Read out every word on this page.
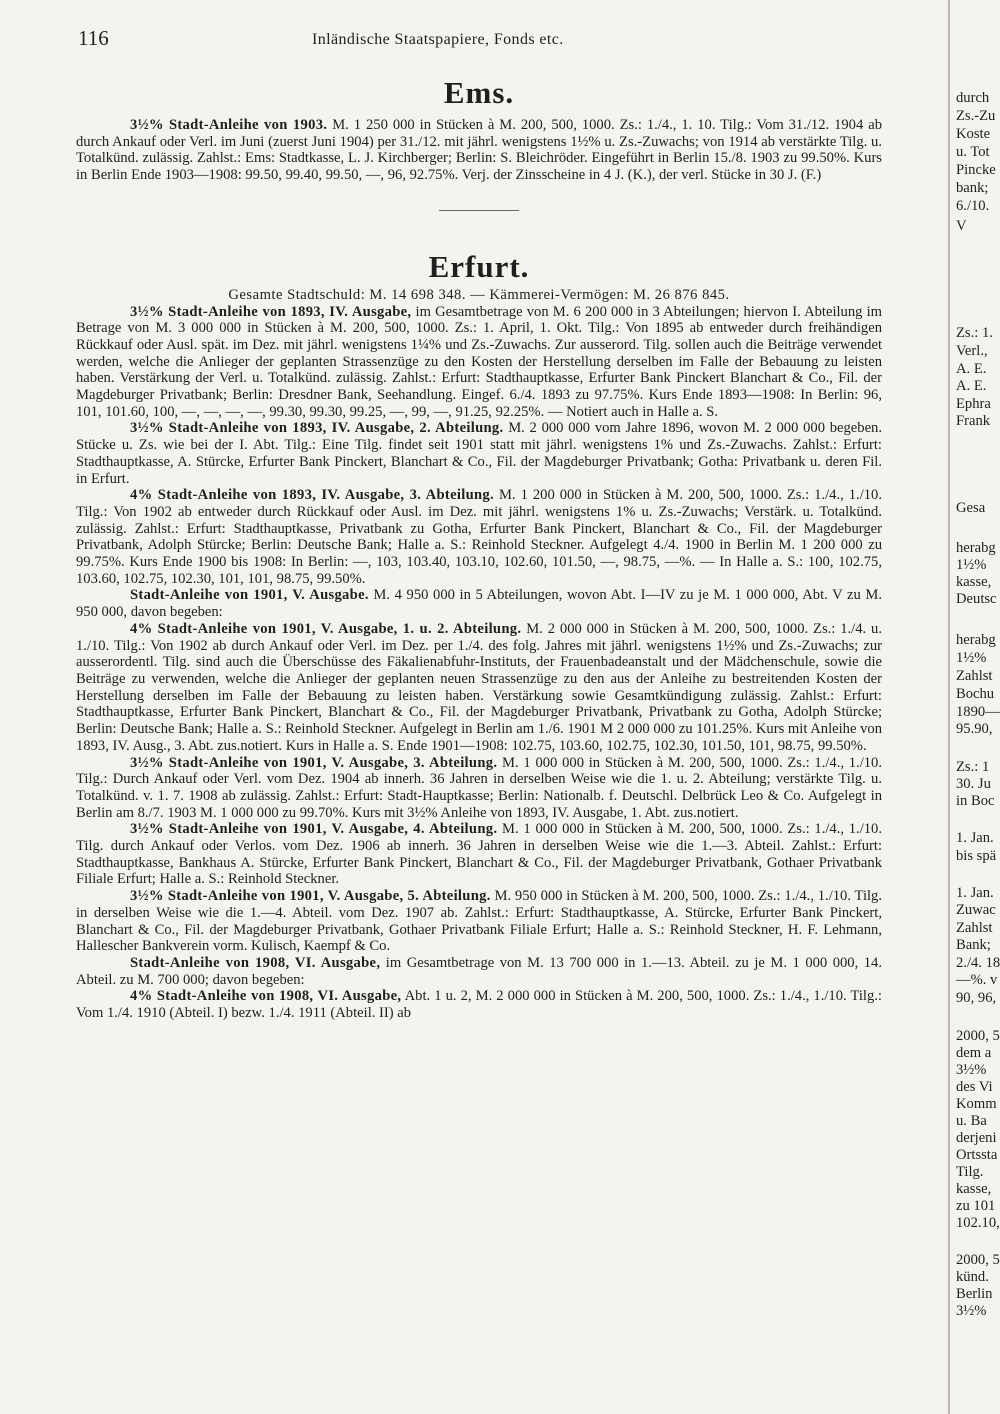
116	Inländische Staatspapiere, Fonds etc.
Ems.

3½% Stadt-Anleihe von 1903. M. 1 250 000 in Stücken à M. 200, 500, 1000. Zs.: 1./4., 1. 10. Tilg.: Vom 31./12. 1904 ab durch Ankauf oder Verl. im Juni (zuerst Juni 1904) per 31./12. mit jährl. wenigstens 1½% u. Zs.-Zuwachs; von 1914 ab verstärkte Tilg. u. Totalkünd. zulässig. Zahlst.: Ems: Stadtkasse, L. J. Kirchberger; Berlin: S. Bleichröder. Eingeführt in Berlin 15./8. 1903 zu 99.50%. Kurs in Berlin Ende 1903—1908: 99.50, 99.40, 99.50, —, 96, 92.75%. Verj. der Zinsscheine in 4 J. (K.), der verl. Stücke in 30 J. (F.)

Erfurt.

Gesamte Stadtschuld: M. 14 698 348. — Kämmerei-Vermögen: M. 26 876 845.

3½% Stadt-Anleihe von 1893, IV. Ausgabe, im Gesamtbetrage von M. 6 200 000 in 3 Abteilungen; hiervon I. Abteilung im Betrage von M. 3 000 000 in Stücken à M. 200, 500, 1000. Zs.: 1. April, 1. Okt. Tilg.: Von 1895 ab entweder durch freihändigen Rückkauf oder Ausl. spät. im Dez. mit jährl. wenigstens 1¼% und Zs.-Zuwachs. Zur ausserord. Tilg. sollen auch die Beiträge verwendet werden, welche die Anlieger der geplanten Strassenzüge zu den Kosten der Herstellung derselben im Falle der Bebauung zu leisten haben. Verstärkung der Verl. u. Totalkünd. zulässig. Zahlst.: Erfurt: Stadthauptkasse, Erfurter Bank Pinckert Blanchart & Co., Fil. der Magdeburger Privatbank; Berlin: Dresdner Bank, Seehandlung. Eingef. 6./4. 1893 zu 97.75%. Kurs Ende 1893—1908: In Berlin: 96, 101, 101.60, 100, —, —, —, —, 99.30, 99.30, 99.25, —, 99, —, 91.25, 92.25%. — Notiert auch in Halle a. S.

3½% Stadt-Anleihe von 1893, IV. Ausgabe, 2. Abteilung. M. 2 000 000 vom Jahre 1896, wovon M. 2 000 000 begeben. Stücke u. Zs. wie bei der I. Abt. Tilg.: Eine Tilg. findet seit 1901 statt mit jährl. wenigstens 1% und Zs.-Zuwachs. Zahlst.: Erfurt: Stadthauptkasse, A. Stürcke, Erfurter Bank Pinckert, Blanchart & Co., Fil. der Magdeburger Privatbank; Gotha: Privatbank u. deren Fil. in Erfurt.

4% Stadt-Anleihe von 1893, IV. Ausgabe, 3. Abteilung. M. 1 200 000 in Stücken à M. 200, 500, 1000. Zs.: 1./4., 1./10. Tilg.: Von 1902 ab entweder durch Rückkauf oder Ausl. im Dez. mit jährl. wenigstens 1% u. Zs.-Zuwachs; Verstärk. u. Totalkünd. zulässig. Zahlst.: Erfurt: Stadthauptkasse, Privatbank zu Gotha, Erfurter Bank Pinckert, Blanchart & Co., Fil. der Magdeburger Privatbank, Adolph Stürcke; Berlin: Deutsche Bank; Halle a. S.: Reinhold Steckner. Aufgelegt 4./4. 1900 in Berlin M. 1 200 000 zu 99.75%. Kurs Ende 1900 bis 1908: In Berlin: —, 103, 103.40, 103.10, 102.60, 101.50, —, 98.75, —%. — In Halle a. S.: 100, 102.75, 103.60, 102.75, 102.30, 101, 101, 98.75, 99.50%.

Stadt-Anleihe von 1901, V. Ausgabe. M. 4 950 000 in 5 Abteilungen, wovon Abt. I—IV zu je M. 1 000 000, Abt. V zu M. 950 000, davon begeben:

4% Stadt-Anleihe von 1901, V. Ausgabe, 1. u. 2. Abteilung. M. 2 000 000 in Stücken à M. 200, 500, 1000. Zs.: 1./4. u. 1./10. Tilg.: Von 1902 ab durch Ankauf oder Verl. im Dez. per 1./4. des folg. Jahres mit jährl. wenigstens 1½% und Zs.-Zuwachs; zur ausserordentl. Tilg. sind auch die Überschüsse des Fäkalienabfuhr-Instituts, der Frauenbadeanstalt und der Mädchenschule, sowie die Beiträge zu verwenden, welche die Anlieger der geplanten neuen Strassenzüge zu den aus der Anleihe zu bestreitenden Kosten der Herstellung derselben im Falle der Bebauung zu leisten haben. Verstärkung sowie Gesamtkündigung zulässig. Zahlst.: Erfurt: Stadthauptkasse, Erfurter Bank Pinckert, Blanchart & Co., Fil. der Magdeburger Privatbank, Privatbank zu Gotha, Adolph Stürcke; Berlin: Deutsche Bank; Halle a. S.: Reinhold Steckner. Aufgelegt in Berlin am 1./6. 1901 M 2 000 000 zu 101.25%. Kurs mit Anleihe von 1893, IV. Ausg., 3. Abt. zus.notiert. Kurs in Halle a. S. Ende 1901—1908: 102.75, 103.60, 102.75, 102.30, 101.50, 101, 98.75, 99.50%.

3½% Stadt-Anleihe von 1901, V. Ausgabe, 3. Abteilung. M. 1 000 000 in Stücken à M. 200, 500, 1000. Zs.: 1./4., 1./10. Tilg.: Durch Ankauf oder Verl. vom Dez. 1904 ab innerh. 36 Jahren in derselben Weise wie die 1. u. 2. Abteilung; verstärkte Tilg. u. Totalkünd. v. 1. 7. 1908 ab zulässig. Zahlst.: Erfurt: Stadt-Hauptkasse; Berlin: Nationalb. f. Deutschl. Delbrück Leo & Co. Aufgelegt in Berlin am 8./7. 1903 M. 1 000 000 zu 99.70%. Kurs mit 3½% Anleihe von 1893, IV. Ausgabe, 1. Abt. zus.notiert.

3½% Stadt-Anleihe von 1901, V. Ausgabe, 4. Abteilung. M. 1 000 000 in Stücken à M. 200, 500, 1000. Zs.: 1./4., 1./10. Tilg. durch Ankauf oder Verlos. vom Dez. 1906 ab innerh. 36 Jahren in derselben Weise wie die 1.—3. Abteil. Zahlst.: Erfurt: Stadthauptkasse, Bankhaus A. Stürcke, Erfurter Bank Pinckert, Blanchart & Co., Fil. der Magdeburger Privatbank, Gothaer Privatbank Filiale Erfurt; Halle a. S.: Reinhold Steckner.

3½% Stadt-Anleihe von 1901, V. Ausgabe, 5. Abteilung. M. 950 000 in Stücken à M. 200, 500, 1000. Zs.: 1./4., 1./10. Tilg. in derselben Weise wie die 1.—4. Abteil. vom Dez. 1907 ab. Zahlst.: Erfurt: Stadthauptkasse, A. Stürcke, Erfurter Bank Pinckert, Blanchart & Co., Fil. der Magdeburger Privatbank, Gothaer Privatbank Filiale Erfurt; Halle a. S.: Reinhold Steckner, H. F. Lehmann, Hallescher Bankverein vorm. Kulisch, Kaempf & Co.

Stadt-Anleihe von 1908, VI. Ausgabe, im Gesamtbetrage von M. 13 700 000 in 1.—13. Abteil. zu je M. 1 000 000, 14. Abteil. zu M. 700 000; davon begeben:

4% Stadt-Anleihe von 1908, VI. Ausgabe, Abt. 1 u. 2, M. 2 000 000 in Stücken à M. 200, 500, 1000. Zs.: 1./4., 1./10. Tilg.: Vom 1./4. 1910 (Abteil. I) bezw. 1./4. 1911 (Abteil. II) ab

durch
Zs.-Zu
Koste
u. Tot
Pincke
bank;
6./10.
V
Zs.: 1.
Verl.,
A. E.
A. E.
Ephra
Frank
Gesa
herabg
1½%
kasse,
Deutsc
herabg
1½%
Zahlst
Bochu
1890—
95.90,
Zs.: 1
30. Ju
in Boc
1. Jan.
bis spä
1. Jan.
Zuwac
Zahlst
Bank;
2./4. 18
—%. v
90, 96,
2000, 5
dem a
3½%
des Vi
Komm
u. Ba
derjeni
Ortssta
Tilg.
kasse,
zu 101
102.10,
2000, 5
künd.
Berlin
3½%
